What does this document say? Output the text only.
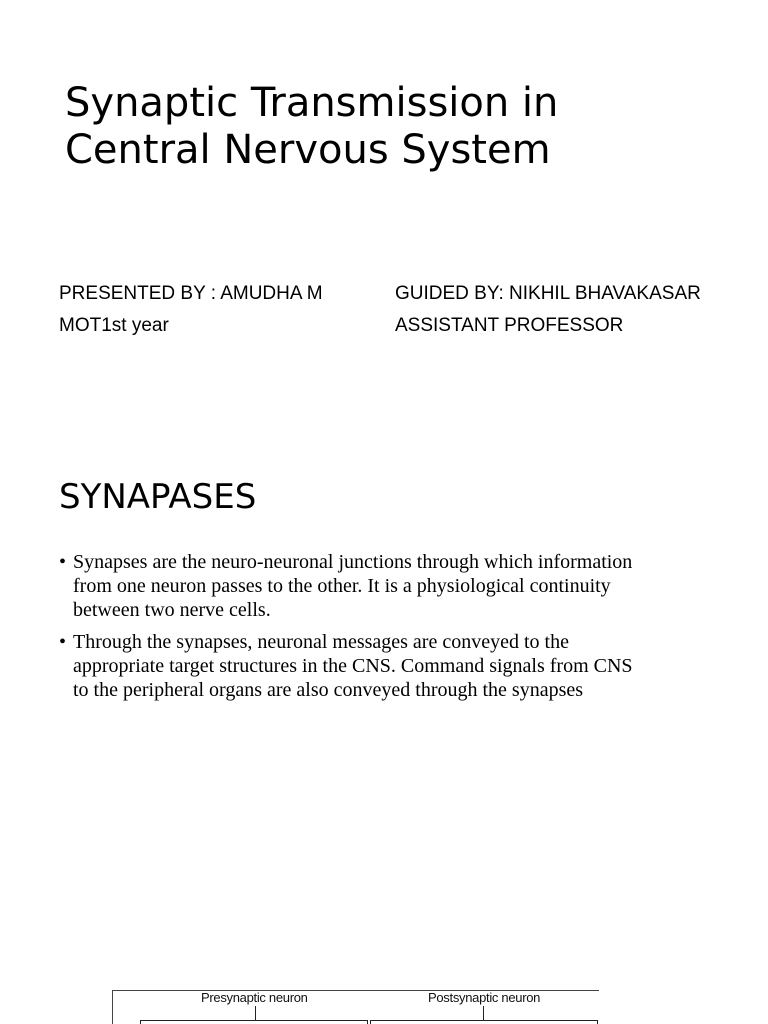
Synaptic Transmission in
Central Nervous System
PRESENTED BY : AMUDHA M
MOT1st year
GUIDED BY: NIKHIL BHAVAKASAR
ASSISTANT PROFESSOR
SYNAPASES
• Synapses are the neuro-neuronal junctions through which information
from one neuron passes to the other. It is a physiological continuity
between two nerve cells.
• Through the synapses, neuronal messages are conveyed to the
appropriate target structures in the CNS. Command signals from CNS
to the peripheral organs are also conveyed through the synapses
Presynaptic neuron	Postsynaptic neuron
